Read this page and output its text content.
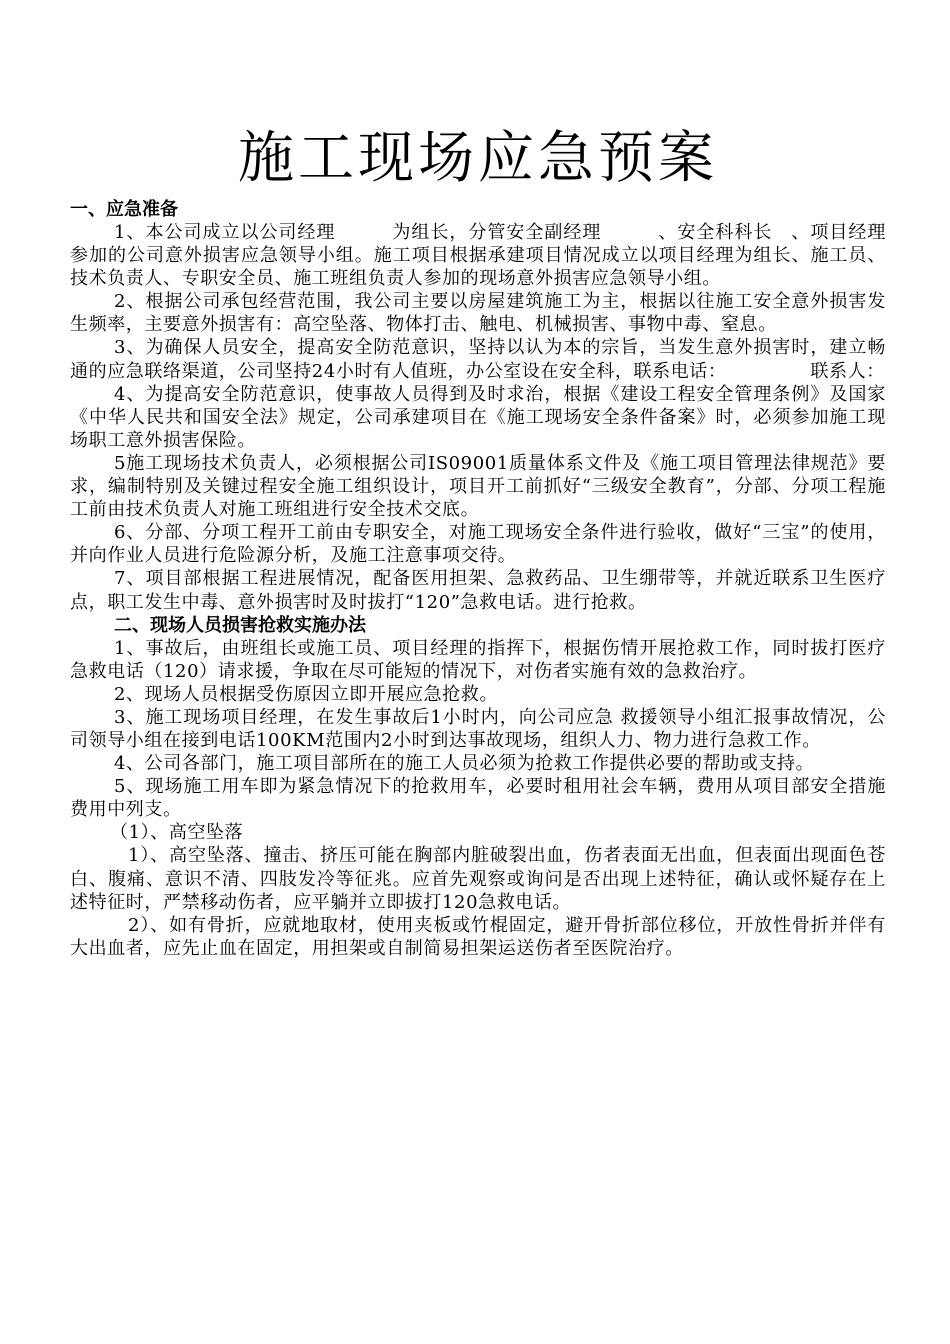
施工现场应急预案
一、应急准备

1、本公司成立以公司经理　　　为组长，分管安全副经理　　　、安全科科长　、项目经理　　　参加的公司意外损害应急领导小组。施工项目根据承建项目情况成立以项目经理为组长、施工员、技术负责人、专职安全员、施工班组负责人参加的现场意外损害应急领导小组。

2、根据公司承包经营范围，我公司主要以房屋建筑施工为主，根据以往施工安全意外损害发生频率，主要意外损害有：高空坠落、物体打击、触电、机械损害、事物中毒、窒息。

3、为确保人员安全，提高安全防范意识，坚持以认为本的宗旨，当发生意外损害时，建立畅通的应急联络渠道，公司坚持24小时有人值班，办公室设在安全科，联系电话：　　　　　联系人：

4、为提高安全防范意识，使事故人员得到及时求治，根据《建设工程安全管理条例》及国家《中华人民共和国安全法》规定，公司承建项目在《施工现场安全条件备案》时，必须参加施工现场职工意外损害保险。

5施工现场技术负责人，必须根据公司IS09001质量体系文件及《施工项目管理法律规范》要求，编制特别及关键过程安全施工组织设计，项目开工前抓好“三级安全教育”，分部、分项工程施工前由技术负责人对施工班组进行安全技术交底。

6、分部、分项工程开工前由专职安全，对施工现场安全条件进行验收，做好“三宝”的使用，并向作业人员进行危险源分析，及施工注意事项交待。

7、项目部根据工程进展情况，配备医用担架、急救药品、卫生绷带等，并就近联系卫生医疗点，职工发生中毒、意外损害时及时拔打“120”急救电话。进行抢救。

二、现场人员损害抢救实施办法

1、事故后，由班组长或施工员、项目经理的指挥下，根据伤情开展抢救工作，同时拔打医疗急救电话（120）请求援，争取在尽可能短的情况下，对伤者实施有效的急救治疗。

2、现场人员根据受伤原因立即开展应急抢救。

3、施工现场项目经理，在发生事故后1小时内，向公司应急 救援领导小组汇报事故情况，公司领导小组在接到电话100KM范围内2小时到达事故现场，组织人力、物力进行急救工作。

4、公司各部门，施工项目部所在的施工人员必须为抢救工作提供必要的帮助或支持。

5、现场施工用车即为紧急情况下的抢救用车，必要时租用社会车辆，费用从项目部安全措施费用中列支。

（1）、高空坠落

1）、高空坠落、撞击、挤压可能在胸部内脏破裂出血，伤者表面无出血，但表面出现面色苍白、腹痛、意识不清、四肢发冷等征兆。应首先观察或询问是否出现上述特征，确认或怀疑存在上述特征时，严禁移动伤者，应平躺并立即拔打120急救电话。

2）、如有骨折，应就地取材，使用夹板或竹棍固定，避开骨折部位移位，开放性骨折并伴有大出血者，应先止血在固定，用担架或自制简易担架运送伤者至医院治疗。
